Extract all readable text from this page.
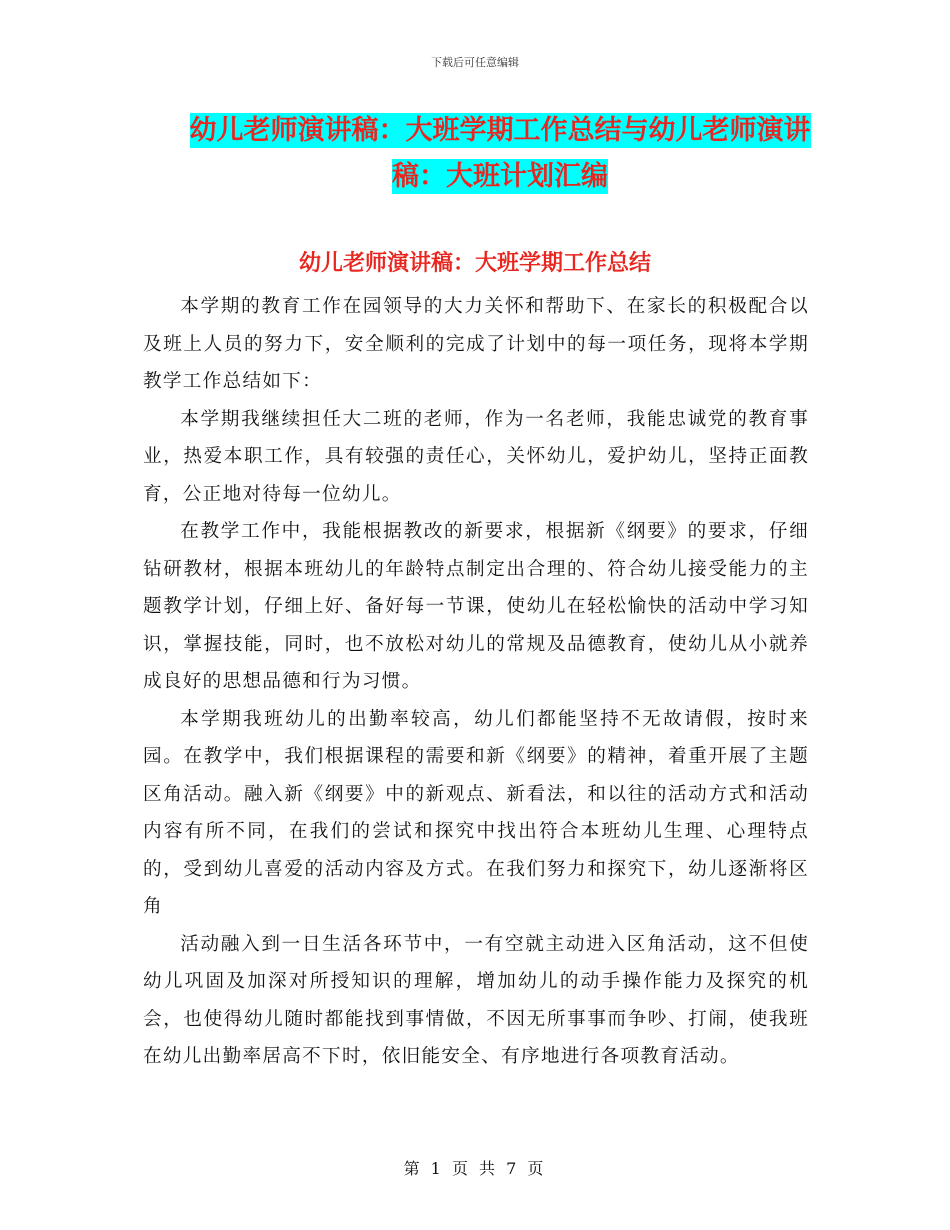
下载后可任意编辑
幼儿老师演讲稿：大班学期工作总结与幼儿老师演讲
稿：大班计划汇编
幼儿老师演讲稿：大班学期工作总结

本学期的教育工作在园领导的大力关怀和帮助下、在家长的积极配合以及班上人员的努力下，安全顺利的完成了计划中的每一项任务，现将本学期教学工作总结如下：

本学期我继续担任大二班的老师，作为一名老师，我能忠诚党的教育事业，热爱本职工作，具有较强的责任心，关怀幼儿，爱护幼儿，坚持正面教育，公正地对待每一位幼儿。

在教学工作中，我能根据教改的新要求，根据新《纲要》的要求，仔细钻研教材，根据本班幼儿的年龄特点制定出合理的、符合幼儿接受能力的主题教学计划，仔细上好、备好每一节课，使幼儿在轻松愉快的活动中学习知识，掌握技能，同时，也不放松对幼儿的常规及品德教育，使幼儿从小就养成良好的思想品德和行为习惯。

本学期我班幼儿的出勤率较高，幼儿们都能坚持不无故请假，按时来园。在教学中，我们根据课程的需要和新《纲要》的精神，着重开展了主题区角活动。融入新《纲要》中的新观点、新看法，和以往的活动方式和活动内容有所不同，在我们的尝试和探究中找出符合本班幼儿生理、心理特点的，受到幼儿喜爱的活动内容及方式。在我们努力和探究下，幼儿逐渐将区角

活动融入到一日生活各环节中，一有空就主动进入区角活动，这不但使幼儿巩固及加深对所授知识的理解，增加幼儿的动手操作能力及探究的机会，也使得幼儿随时都能找到事情做，不因无所事事而争吵、打闹，使我班在幼儿出勤率居高不下时，依旧能安全、有序地进行各项教育活动。

第 1 页 共 7 页
